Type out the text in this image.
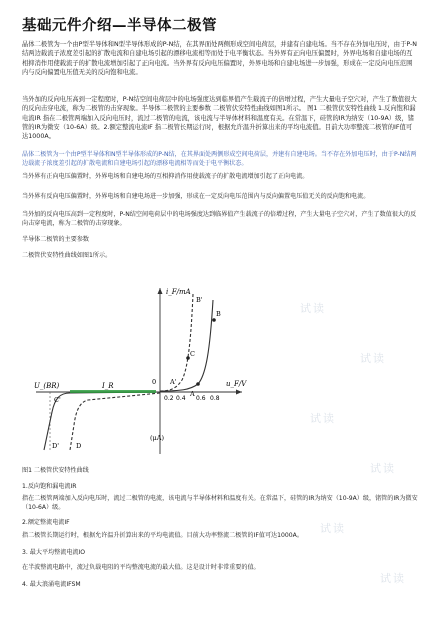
基础元件介绍—半导体二极管

晶体二极管为一个由P型半导体和N型半导体形成的P-N结，在其界面处两侧形成空间电荷层，并建有自建电场。当不存在外加电压时，由于P-N结两边载流子浓度差引起的扩散电流和自建电场引起的漂移电流相等而处于电平衡状态。当外界有正向电压偏置时，外界电场和自建电场的互相抑消作用使载流子的扩散电流增加引起了正向电流。当外界有反向电压偏置时，外界电场和自建电场进一步加强，形成在一定反向电压范围内与反向偏置电压值无关的反向饱和电流。

当外加的反向电压高到一定程度时，P-N结空间电荷层中的电场强度达到临界值产生载流子的倍增过程，产生大量电子空穴对，产生了数值很大的反向击穿电流，称为二极管的击穿现象。半导体二极管的主要参数 二极管伏安特性曲线如图1所示。 图1 二极管伏安特性曲线 1.反向饱和漏电流IR 指在二极管两端加入反向电压时，流过二极管的电流，该电流与半导体材料和温度有关。在常温下，硅管的IR为纳安（10-9A）级，锗管的IR为微安（10-6A）级。2.额定整流电流IF 指二极管长期运行时，根据允许温升折算出来的平均电流值。目前大功率整流二极管的IF值可达1000A。

晶体二极管为一个由P型半导体和N型半导体形成的P-N结，在其界面处两侧形成空间电荷层，并建有自建电场。当不存在外加电压时，由于P-N结两边载流子浓度差引起的扩散电流和自建电场引起的漂移电流相等而处于电平衡状态。

当外界有正向电压偏置时，外界电场和自建电场的互相抑消作用使载流子的扩散电流增加引起了正向电流。

当外界有反向电压偏置时，外界电场和自建电场进一步加强，形成在一定反向电压范围内与反向偏置电压值无关的反向饱和电流。

当外加的反向电压高到一定程度时，P-N结空间电荷层中的电场强度达到临界值产生载流子的倍增过程，产生大量电子空穴对，产生了数值很大的反向击穿电流，称为二极管的击穿现象。

半导体二极管的主要参数

二极管伏安特性曲线如图1所示。

i_F/mA
u_F/V
U_(BR)	I_R
(μA)
A
B
C
D
D'
B'
C'
A'
0
0.2 0.4 0.6 0.8

图1 二极管伏安特性曲线

1.反向饱和漏电流IR

指在二极管两端加入反向电压时，流过二极管的电流，该电流与半导体材料和温度有关。在常温下，硅管的IR为纳安（10-9A）级，锗管的IR为微安（10-6A）级。

2.额定整流电流IF

指二极管长期运行时，根据允许温升折算出来的平均电流值。目前大功率整流二极管的IF值可达1000A。

3. 最大平均整流电流IO

在半波整流电路中，流过负载电阻的平均整流电流的最大值。这是设计时非常重要的值。

4. 最大浪涌电流IFSM

试读
试读
试读
试读
试读
试读
